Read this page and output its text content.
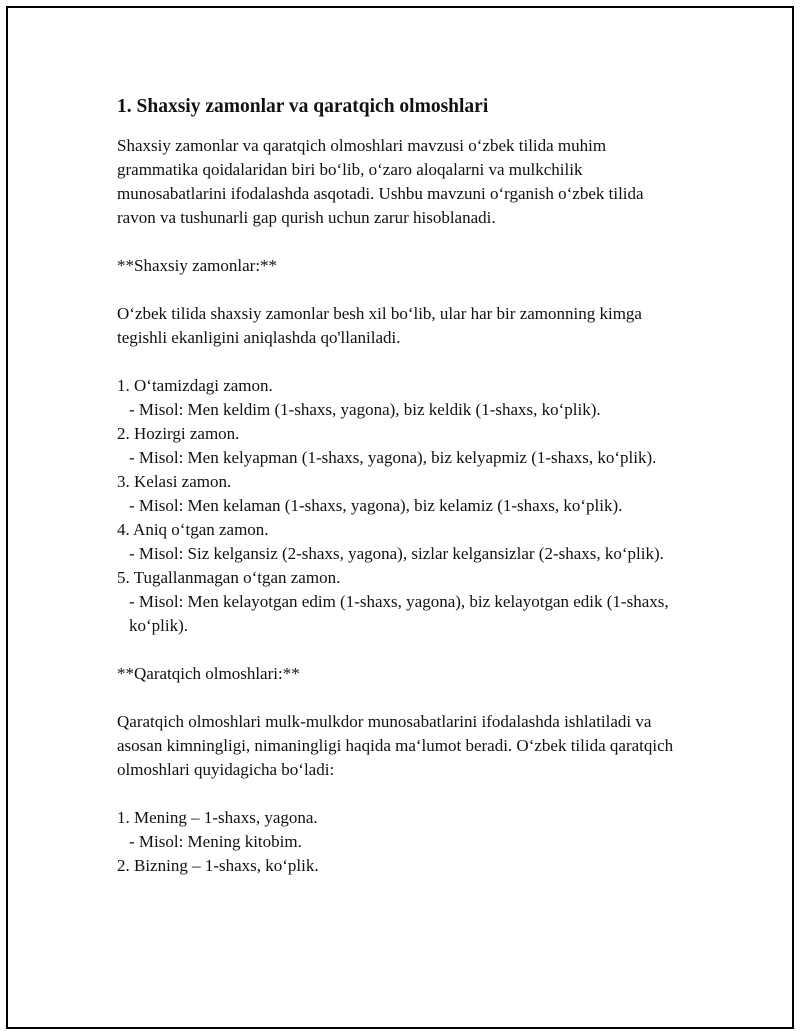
1. Shaxsiy zamonlar va qaratqich olmoshlari

Shaxsiy zamonlar va qaratqich olmoshlari mavzusi o‘zbek tilida muhim grammatika qoidalaridan biri bo‘lib, o‘zaro aloqalarni va mulkchilik munosabatlarini ifodalashda asqotadi. Ushbu mavzuni o‘rganish o‘zbek tilida ravon va tushunarli gap qurish uchun zarur hisoblanadi.

**Shaxsiy zamonlar:**

O‘zbek tilida shaxsiy zamonlar besh xil bo‘lib, ular har bir zamonning kimga tegishli ekanligini aniqlashda qo'llaniladi.

1. O‘tamizdagi zamon.

- Misol: Men keldim (1-shaxs, yagona), biz keldik (1-shaxs, ko‘plik).

2. Hozirgi zamon.

- Misol: Men kelyapman (1-shaxs, yagona), biz kelyapmiz (1-shaxs, ko‘plik).

3. Kelasi zamon.

- Misol: Men kelaman (1-shaxs, yagona), biz kelamiz (1-shaxs, ko‘plik).

4. Aniq o‘tgan zamon.

- Misol: Siz kelgansiz (2-shaxs, yagona), sizlar kelgansizlar (2-shaxs, ko‘plik).

5. Tugallanmagan o‘tgan zamon.

- Misol: Men kelayotgan edim (1-shaxs, yagona), biz kelayotgan edik (1-shaxs, ko‘plik).

**Qaratqich olmoshlari:**

Qaratqich olmoshlari mulk-mulkdor munosabatlarini ifodalashda ishlatiladi va asosan kimningligi, nimaningligi haqida ma‘lumot beradi. O‘zbek tilida qaratqich olmoshlari quyidagicha bo‘ladi:

1. Mening – 1-shaxs, yagona.

- Misol: Mening kitobim.

2. Bizning – 1-shaxs, ko‘plik.
